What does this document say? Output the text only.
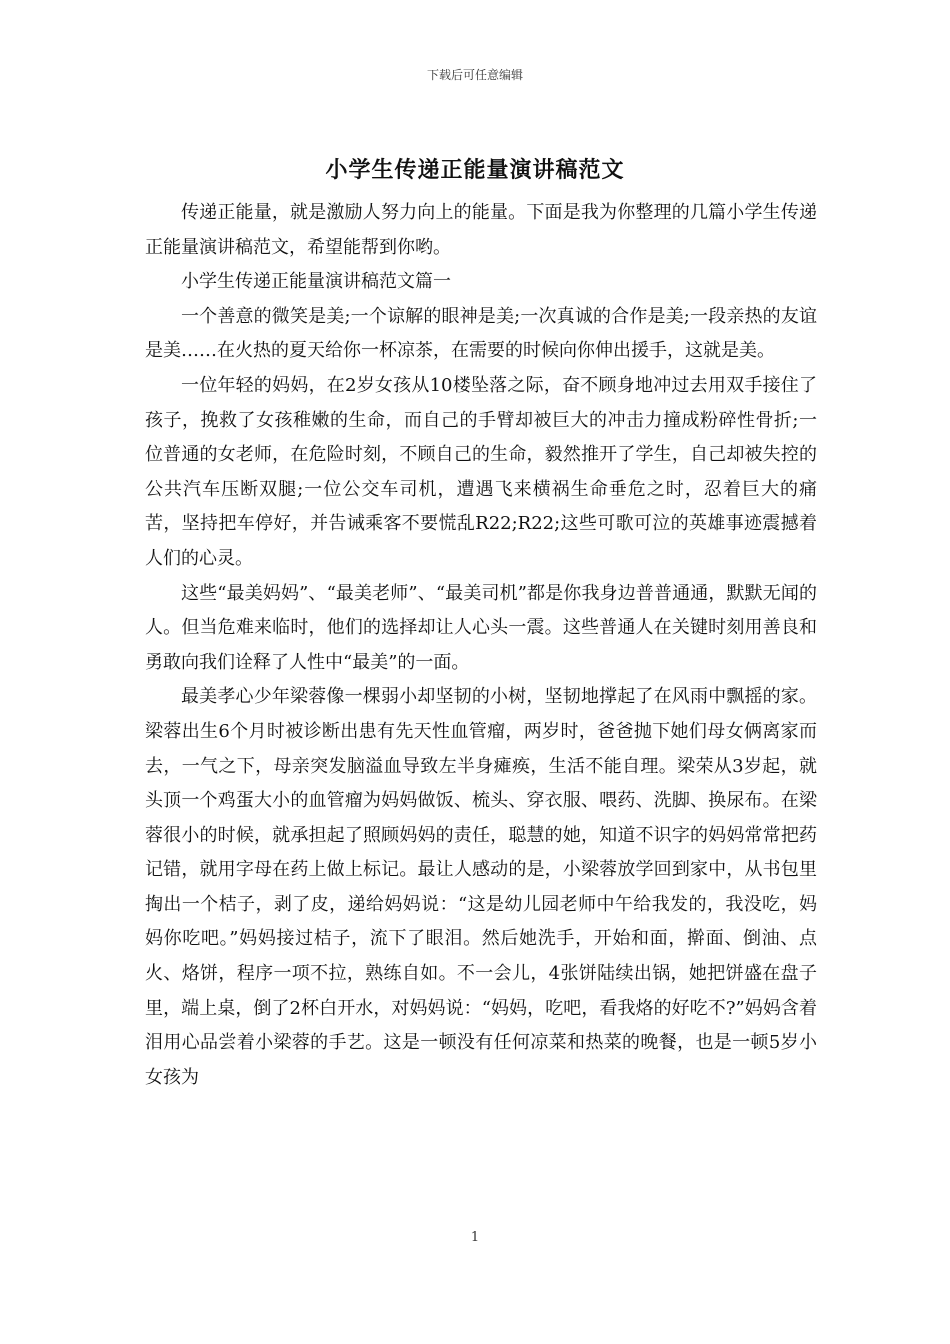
下载后可任意编辑
小学生传递正能量演讲稿范文

传递正能量，就是激励人努力向上的能量。下面是我为你整理的几篇小学生传递正能量演讲稿范文，希望能帮到你哟。

小学生传递正能量演讲稿范文篇一

一个善意的微笑是美;一个谅解的眼神是美;一次真诚的合作是美;一段亲热的友谊是美……在火热的夏天给你一杯凉茶，在需要的时候向你伸出援手，这就是美。

一位年轻的妈妈，在2岁女孩从10楼坠落之际，奋不顾身地冲过去用双手接住了孩子，挽救了女孩稚嫩的生命，而自己的手臂却被巨大的冲击力撞成粉碎性骨折;一位普通的女老师，在危险时刻，不顾自己的生命，毅然推开了学生，自己却被失控的公共汽车压断双腿;一位公交车司机，遭遇飞来横祸生命垂危之时，忍着巨大的痛苦，坚持把车停好，并告诫乘客不要慌乱R22;R22;这些可歌可泣的英雄事迹震撼着人们的心灵。

这些“最美妈妈”、“最美老师”、“最美司机”都是你我身边普普通通，默默无闻的人。但当危难来临时，他们的选择却让人心头一震。这些普通人在关键时刻用善良和勇敢向我们诠释了人性中“最美”的一面。

最美孝心少年梁蓉像一棵弱小却坚韧的小树，坚韧地撑起了在风雨中飘摇的家。梁蓉出生6个月时被诊断出患有先天性血管瘤，两岁时，爸爸抛下她们母女俩离家而去，一气之下，母亲突发脑溢血导致左半身瘫痪，生活不能自理。梁荣从3岁起，就头顶一个鸡蛋大小的血管瘤为妈妈做饭、梳头、穿衣服、喂药、洗脚、换尿布。在梁蓉很小的时候，就承担起了照顾妈妈的责任，聪慧的她，知道不识字的妈妈常常把药记错，就用字母在药上做上标记。最让人感动的是，小梁蓉放学回到家中，从书包里掏出一个桔子，剥了皮，递给妈妈说：“这是幼儿园老师中午给我发的，我没吃，妈妈你吃吧。”妈妈接过桔子，流下了眼泪。然后她洗手，开始和面，擀面、倒油、点火、烙饼，程序一项不拉，熟练自如。不一会儿，4张饼陆续出锅，她把饼盛在盘子里，端上桌，倒了2杯白开水，对妈妈说：“妈妈，吃吧，看我烙的好吃不?”妈妈含着泪用心品尝着小梁蓉的手艺。这是一顿没有任何凉菜和热菜的晚餐，也是一顿5岁小女孩为

1
